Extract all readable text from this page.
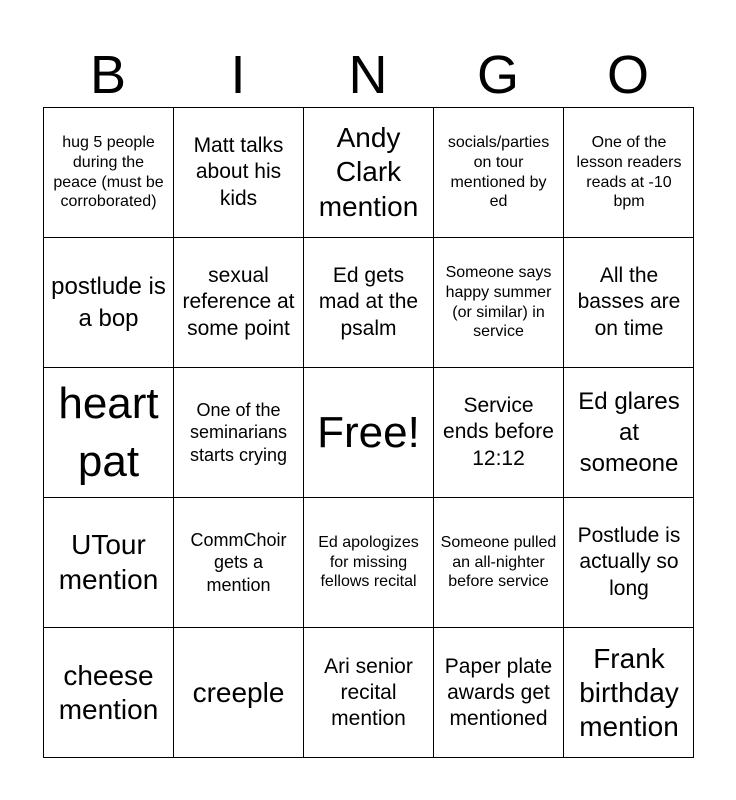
B	I	N	G	O
hug 5 people during the peace (must be corroborated)
Matt talks about his kids
Andy Clark mention
socials/parties on tour mentioned by ed
One of the lesson readers reads at -10 bpm
postlude is a bop
sexual reference at some point
Ed gets mad at the psalm
Someone says happy summer (or similar) in service
All the basses are on time
heart pat
One of the seminarians starts crying Free!
Service ends before 12:12
Ed glares at someone
UTour mention
CommChoir gets a mention
Ed apologizes for missing fellows recital
Someone pulled an all-nighter before service
Postlude is actually so long
cheese mention
creeple
Ari senior recital mention
Paper plate awards get mentioned
Frank birthday mention
